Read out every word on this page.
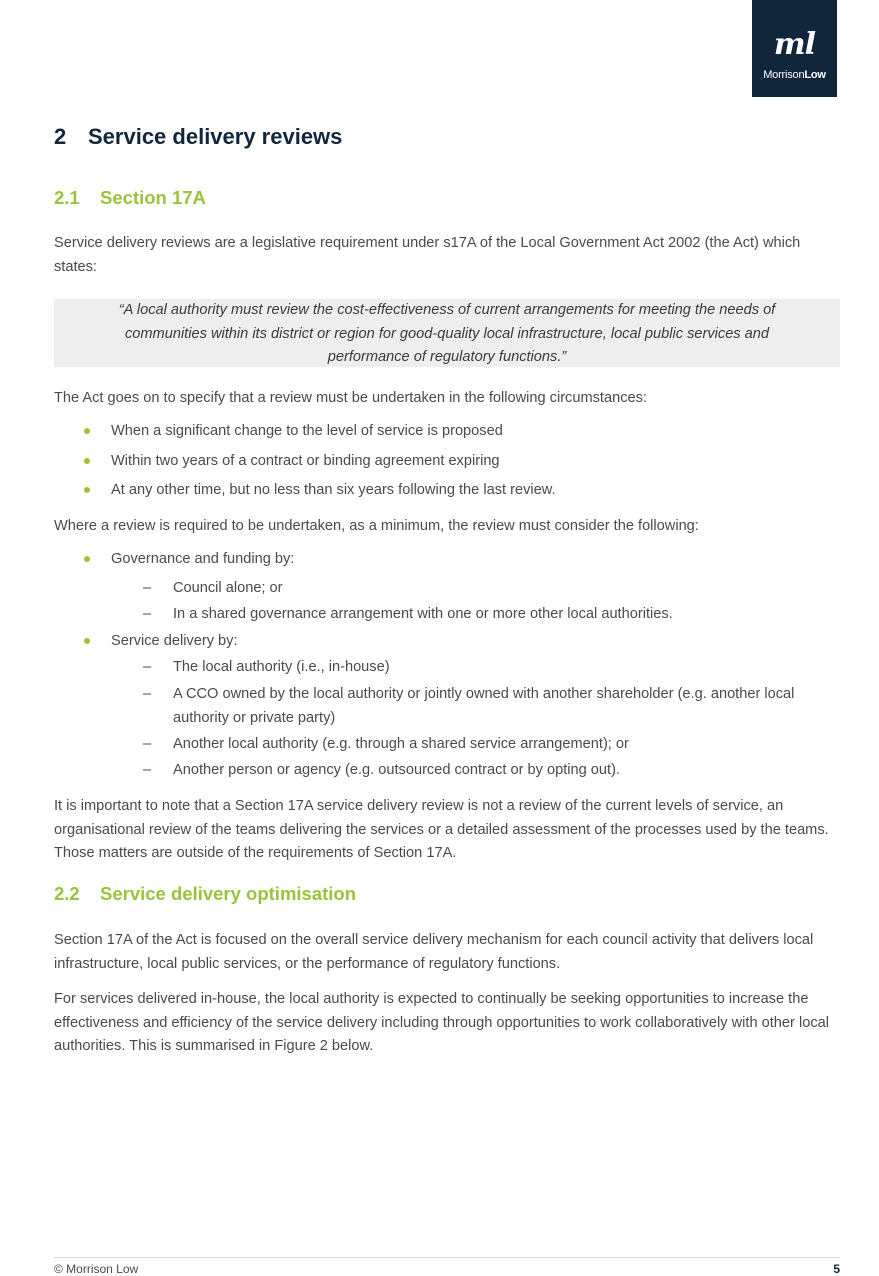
ml
MorrisonLow
2 Service delivery reviews
2.1 Section 17A

Service delivery reviews are a legislative requirement under s17A of the Local Government Act 2002 (the Act) which states:

“A local authority must review the cost-effectiveness of current arrangements for meeting the needs of
communities within its district or region for good-quality local infrastructure, local public services and
performance of regulatory functions.”

The Act goes on to specify that a review must be undertaken in the following circumstances:

When a significant change to the level of service is proposed
Within two years of a contract or binding agreement expiring
At any other time, but no less than six years following the last review.

Where a review is required to be undertaken, as a minimum, the review must consider the following:

Governance and funding by:
– Council alone; or
– In a shared governance arrangement with one or more other local authorities.
Service delivery by:
– The local authority (i.e., in-house)
– A CCO owned by the local authority or jointly owned with another shareholder (e.g. another local authority or private party)
– Another local authority (e.g. through a shared service arrangement); or
– Another person or agency (e.g. outsourced contract or by opting out).

It is important to note that a Section 17A service delivery review is not a review of the current levels of service, an organisational review of the teams delivering the services or a detailed assessment of the processes used by the teams. Those matters are outside of the requirements of Section 17A.

2.2 Service delivery optimisation

Section 17A of the Act is focused on the overall service delivery mechanism for each council activity that delivers local infrastructure, local public services, or the performance of regulatory functions.

For services delivered in-house, the local authority is expected to continually be seeking opportunities to increase the effectiveness and efficiency of the service delivery including through opportunities to work collaboratively with other local authorities. This is summarised in Figure 2 below.

© Morrison Low	5
